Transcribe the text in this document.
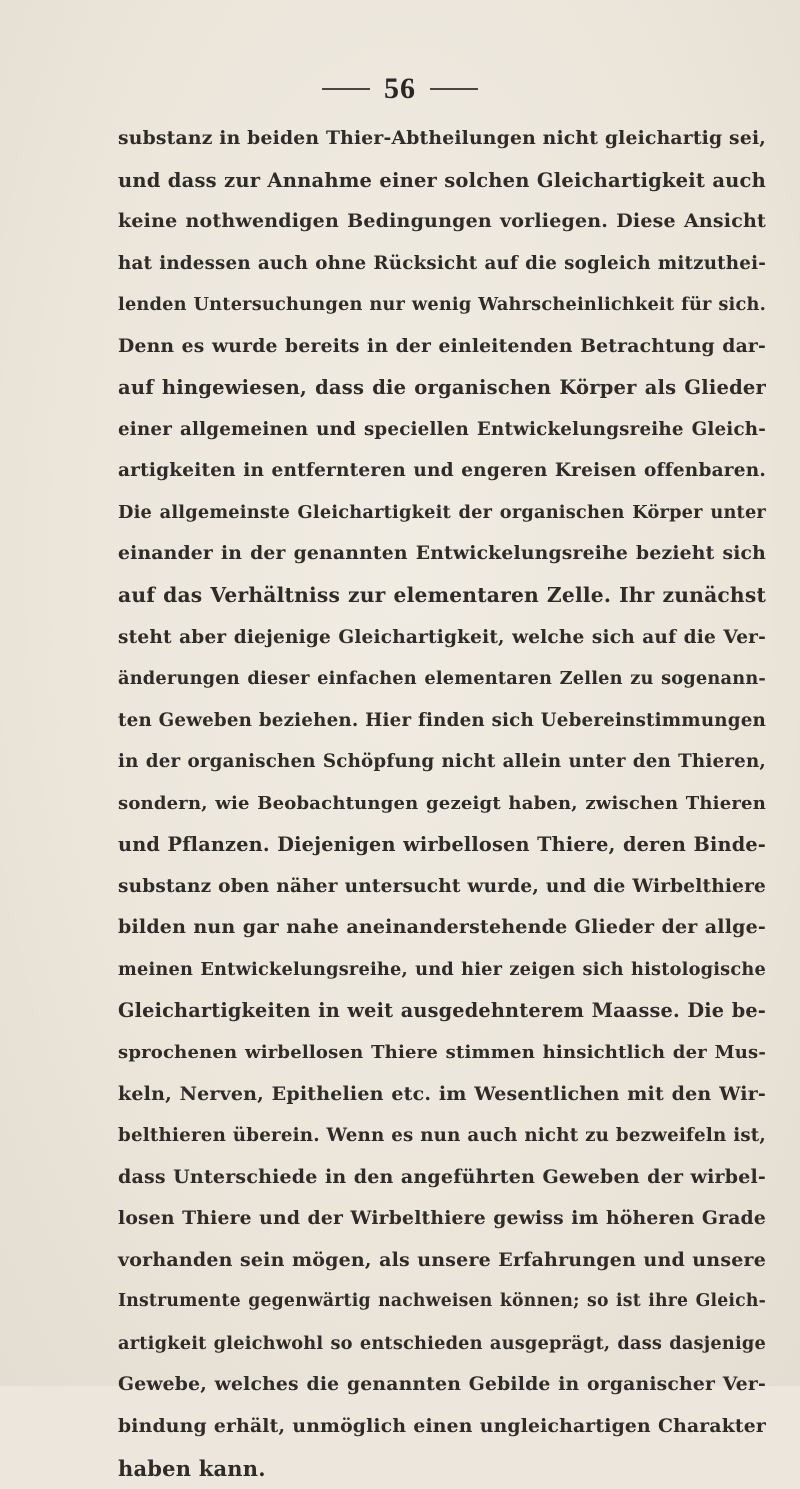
56
substanz in beiden Thier-Abtheilungen nicht gleichartig sei,
und dass zur Annahme einer solchen Gleichartigkeit auch
keine nothwendigen Bedingungen vorliegen. Diese Ansicht
hat indessen auch ohne Rücksicht auf die sogleich mitzuthei-
lenden Untersuchungen nur wenig Wahrscheinlichkeit für sich.
Denn es wurde bereits in der einleitenden Betrachtung dar-
auf hingewiesen, dass die organischen Körper als Glieder
einer allgemeinen und speciellen Entwickelungsreihe Gleich-
artigkeiten in entfernteren und engeren Kreisen offenbaren.
Die allgemeinste Gleichartigkeit der organischen Körper unter
einander in der genannten Entwickelungsreihe bezieht sich
auf das Verhältniss zur elementaren Zelle. Ihr zunächst
steht aber diejenige Gleichartigkeit, welche sich auf die Ver-
änderungen dieser einfachen elementaren Zellen zu sogenann-
ten Geweben beziehen. Hier finden sich Uebereinstimmungen
in der organischen Schöpfung nicht allein unter den Thieren,
sondern, wie Beobachtungen gezeigt haben, zwischen Thieren
und Pflanzen. Diejenigen wirbellosen Thiere, deren Binde-
substanz oben näher untersucht wurde, und die Wirbelthiere
bilden nun gar nahe aneinanderstehende Glieder der allge-
meinen Entwickelungsreihe, und hier zeigen sich histologische
Gleichartigkeiten in weit ausgedehnterem Maasse. Die be-
sprochenen wirbellosen Thiere stimmen hinsichtlich der Mus-
keln, Nerven, Epithelien etc. im Wesentlichen mit den Wir-
belthieren überein. Wenn es nun auch nicht zu bezweifeln ist,
dass Unterschiede in den angeführten Geweben der wirbel-
losen Thiere und der Wirbelthiere gewiss im höheren Grade
vorhanden sein mögen, als unsere Erfahrungen und unsere
Instrumente gegenwärtig nachweisen können; so ist ihre Gleich-
artigkeit gleichwohl so entschieden ausgeprägt, dass dasjenige
Gewebe, welches die genannten Gebilde in organischer Ver-
bindung erhält, unmöglich einen ungleichartigen Charakter
haben kann.
